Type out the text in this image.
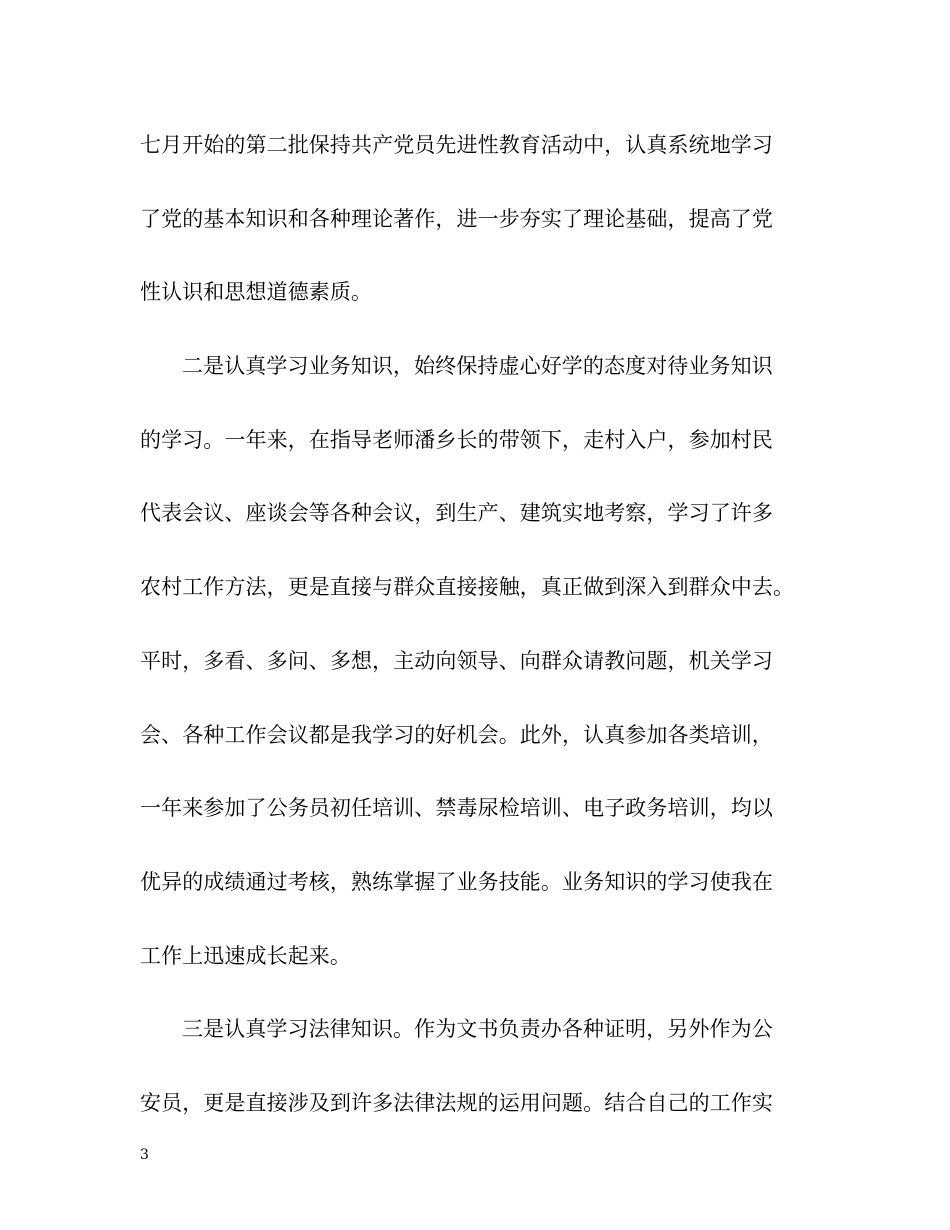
七月开始的第二批保持共产党员先进性教育活动中，认真系统地学习
了党的基本知识和各种理论著作，进一步夯实了理论基础，提高了党
性认识和思想道德素质。
二是认真学习业务知识，始终保持虚心好学的态度对待业务知识
的学习。一年来，在指导老师潘乡长的带领下，走村入户，参加村民
代表会议、座谈会等各种会议，到生产、建筑实地考察，学习了许多
农村工作方法，更是直接与群众直接接触，真正做到深入到群众中去。
平时，多看、多问、多想，主动向领导、向群众请教问题，机关学习
会、各种工作会议都是我学习的好机会。此外，认真参加各类培训，
一年来参加了公务员初任培训、禁毒尿检培训、电子政务培训，均以
优异的成绩通过考核，熟练掌握了业务技能。业务知识的学习使我在
工作上迅速成长起来。
三是认真学习法律知识。作为文书负责办各种证明，另外作为公
安员，更是直接涉及到许多法律法规的运用问题。结合自己的工作实
3
